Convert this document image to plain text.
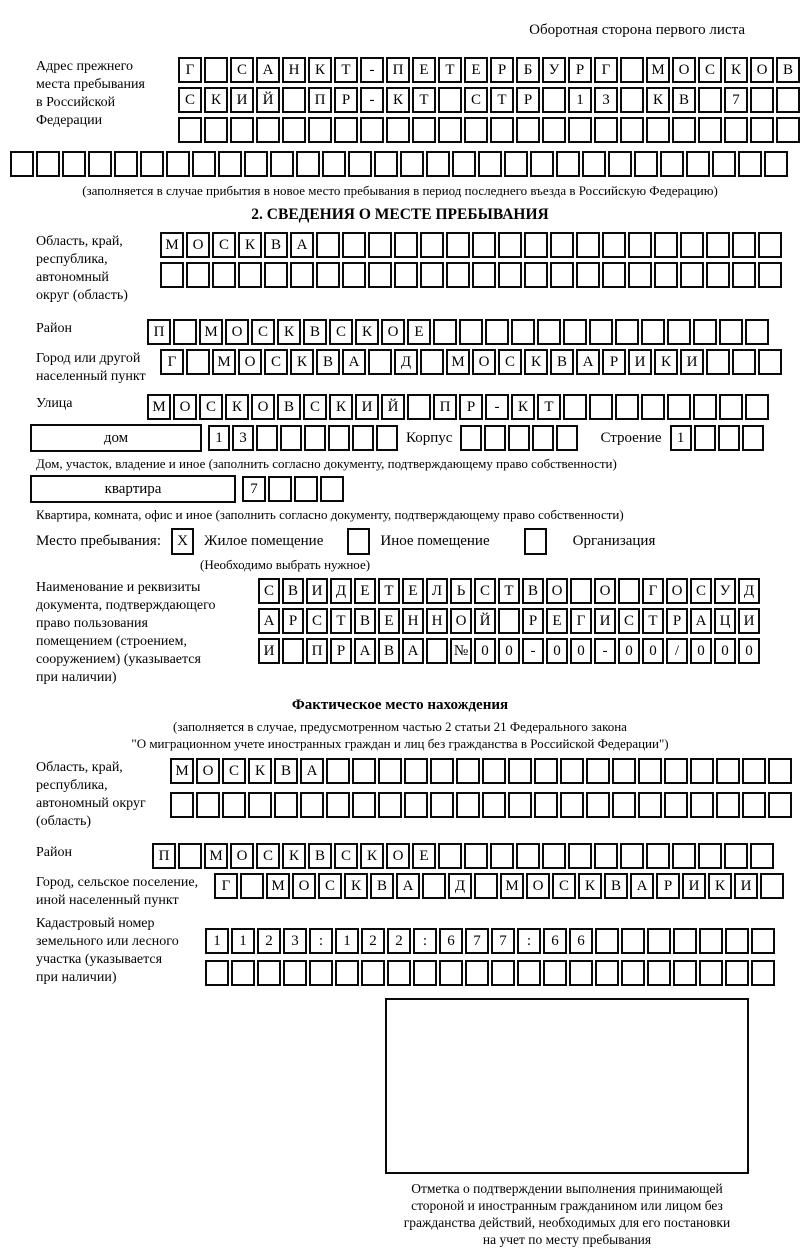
Оборотная сторона первого листа
Адрес прежнего
места пребывания
в Российской
Федерации
Г	С	А	Н	К	Т	-	П	Е	Т	Е	Р	Б	У	Р	Г	М О	С	К	О	В
С	К	И	Й	П	Р	-	К	Т	С	Т	Р	1	3	К	В	7
(заполняется в случае прибытия в новое место пребывания в период последнего въезда в Российскую Федерацию)
2. СВЕДЕНИЯ О МЕСТЕ ПРЕБЫВАНИЯ
Область, край,
республика,
автономный
округ (область)
М О	С	К	В	А
Район	П	М О	С	К	В	С	К	О	Е
Город или другой
населенный пункт
Г	М О	С	К	В	А	Д	М О	С	К	В	А	Р	И	К	И
Улица	М О	С	К	О	В	С	К	И	Й	П	Р	-	К	Т
дом	1	3	Корпус	Строение	1
Дом, участок, владение и иное (заполнить согласно документу, подтверждающему право собственности)
квартира	7
Квартира, комната, офис и иное (заполнить согласно документу, подтверждающему право собственности)
Место пребывания:	X	Жилое помещение	Иное помещение	Организация
(Необходимо выбрать нужное)
Наименование и реквизиты
документа, подтверждающего
право пользования
помещением (строением,
сооружением) (указывается
при наличии)
С В И Д Е Т Е Л Ь С Т В О	О	Г О С У Д
А Р С Т В Е Н Н О Й	Р	Е	Г И С Т	Р А Ц И
И	П Р А В А	№ 0	0	-	0	0	-	0	0	/	0	0	0
Фактическое место нахождения
(заполняется в случае, предусмотренном частью 2 статьи 21 Федерального закона
"О миграционном учете иностранных граждан и лиц без гражданства в Российской Федерации")
Область, край,
республика,
автономный округ
(область)
М О	С	К	В	А
Район	П	М О	С	К	В	С	К	О	Е
Город, сельское поселение,
иной населенный пункт
Г	М О	С	К	В	А	Д	М О	С	К	В	А	Р	И	К	И
Кадастровый номер
земельного или лесного
участка (указывается
при наличии)
1	1	2	3	:	1	2	2	:	6	7	7	:	6	6
Отметка о подтверждении выполнения принимающей
стороной и иностранным гражданином или лицом без
гражданства действий, необходимых для его постановки
на учет по месту пребывания
